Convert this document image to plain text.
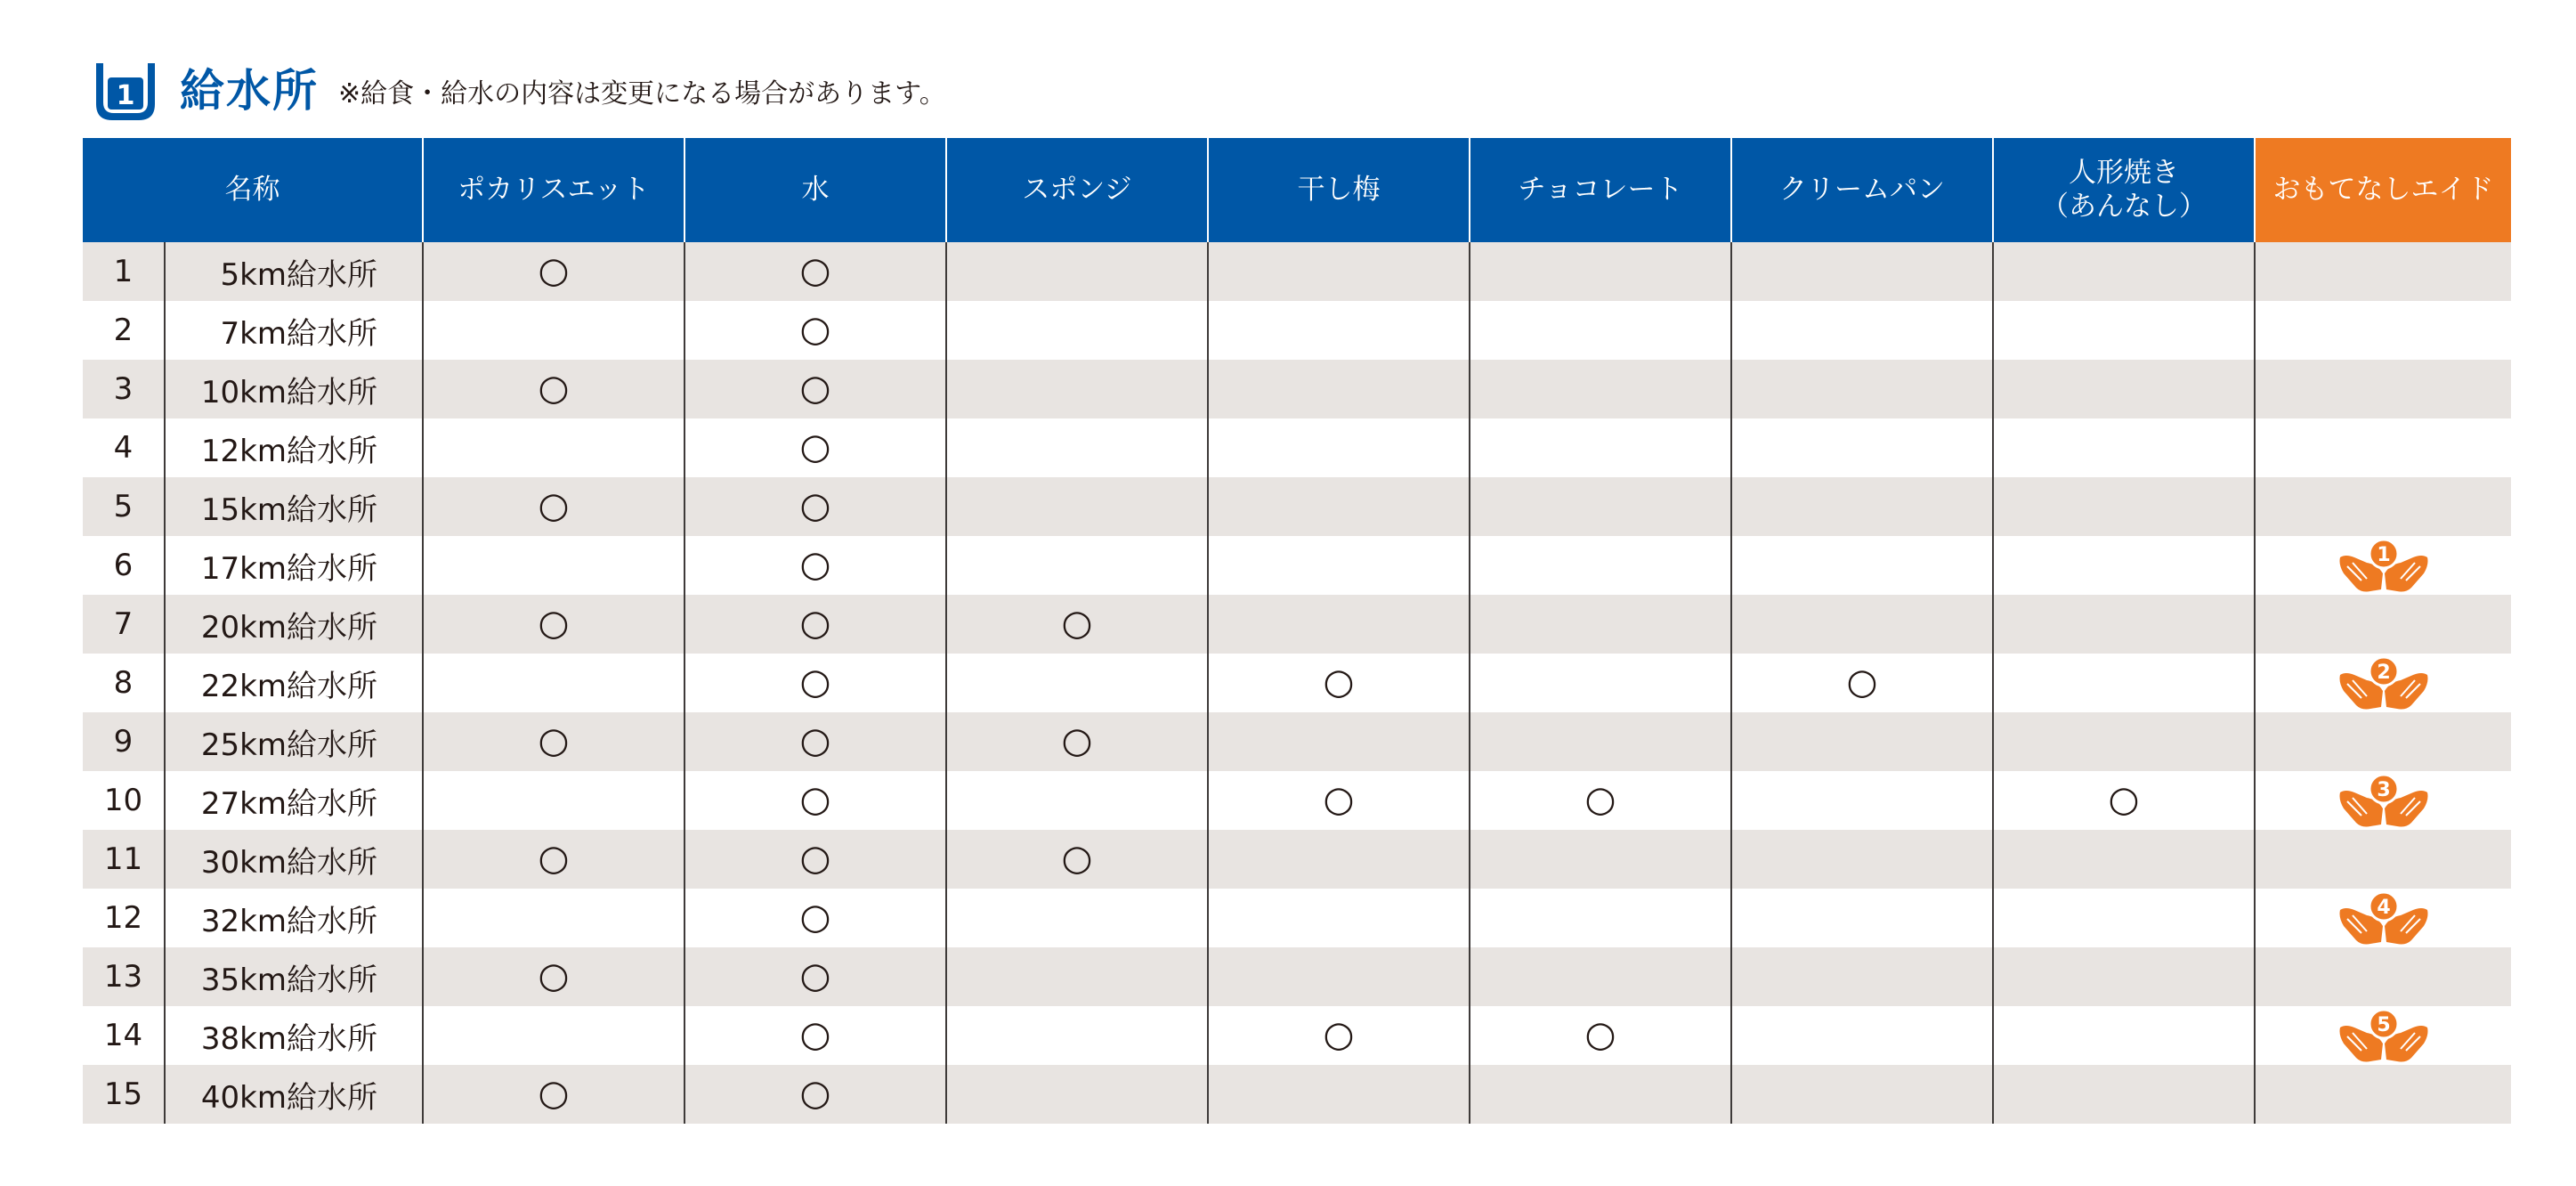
1 給水所 ※給食・給水の内容は変更になる場合があります。
名称		ポカリスエット	水	スポンジ	干し梅	チョコレート	クリームパン	人形焼き
（あんなし）	おもてなしエイド
1	5km給水所	○	○						
2	7km給水所		○						
3	10km給水所	○	○						
4	12km給水所		○						
5	15km給水所	○	○						
6	17km給水所		○						1

7	20km給水所	○	○	○					
8	22km給水所		○		○		○		2

9	25km給水所	○	○	○					
10	27km給水所		○		○	○		○	3

11	30km給水所	○	○	○					
12	32km給水所		○						4

13	35km給水所	○	○						
14	38km給水所		○		○	○			5

15	40km給水所	○	○						
